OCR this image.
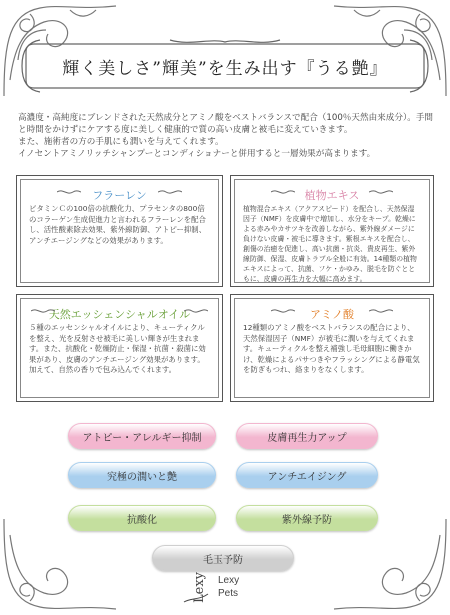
輝く美しさ”輝美”を生み出す『うる艶』

高濃度・高純度にブレンドされた天然成分とアミノ酸をベストバランスで配合（100％天然由来成分）。手間と時間をかけずにケアする度に美しく健康的で質の高い皮膚と被毛に変えていきます。

また、施術者の方の手肌にも潤いを与えてくれます。

イノセントアミノリッチシャンプーとコンディショナーと併用すると一層効果が高まります。

フラーレン
ビタミンＣの100倍の抗酸化力、プラセンタの800倍のコラーゲン生成促進力と言われるフラーレンを配合し、活性酸素除去効果、紫外線防御、アトピー抑制、アンチエージングなどの効果があります。
植物エキス
植物混合エキス（アクアスピード）を配合し、天然保湿因子（NMF）を皮膚中で増加し、水分をキープ。乾燥による赤みやカサツキを改善しながら、紫外線ダメージに負けない皮膚・被毛に導きます。紫根エキスを配合し、創傷の治癒を促進し、高い抗菌・抗炎、貴皮再生、紫外線防御、保湿、皮膚トラブル全般に有効。14種類の植物エキスによって、抗菌、フケ・かゆみ、脱毛を防ぐとともに、皮膚の再生力を大幅に高めます。
天然エッシェンシャルオイル
５種のエッセンシャルオイルにより、キューティクルを整え、光を反射させ被毛に美しい輝きが生まれます。また、抗酸化・乾燥防止・保湿・抗菌・殺菌に効果があり、皮膚のアンチエージング効果があります。加えて、自然の香りで包み込んでくれます。
アミノ酸
12種類のアミノ酸をベストバランスの配合により、天然保湿因子（NMF）が被毛に潤いを与えてくれます。キューティクルを整え補強し毛母細胞に働きかけ、乾燥によるパサつきやフラッシングによる静電気を防ぎもつれ、絡まりをなくします。
アトピー・アレルギー抑制	皮膚再生力アップ
究極の潤いと艶	アンチエイジング
抗酸化	紫外線予防
毛玉予防
Lexy Lexy
Pets
